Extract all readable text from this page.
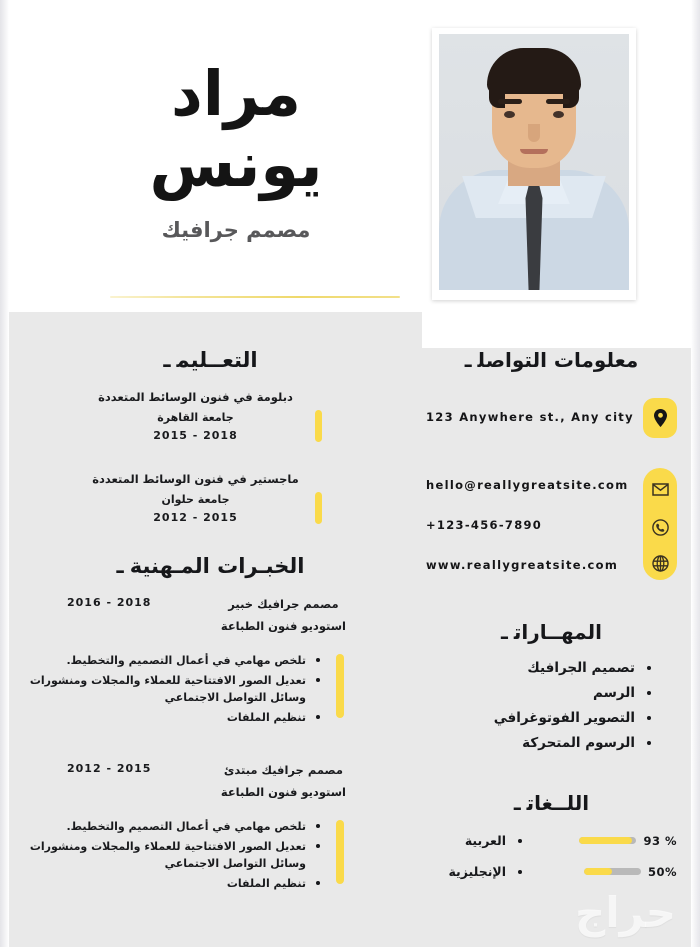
مراد
يونس
مصمم جرافيك
معلومات التواصلـ
123 Anywhere st., Any city
hello@reallygreatsite.com
+123-456-7890
www.reallygreatsite.com
المهــاراتـ
تصميم الجرافيك
الرسم
التصوير الفوتوغرافي
الرسوم المتحركة
اللــغاتـ
93 %
العربية
50%
الإنجليزية
التعــليمـ
دبلومة في فنون الوسائط المتعددة
جامعة القاهرة
2015 - 2018
ماجستير في فنون الوسائط المتعددة
جامعة حلوان
2012 - 2015
الخبـرات المـهنيةـ
مصمم جرافيك خبير
استوديو فنون الطباعة
2016 - 2018
تلخص مهامي في أعمال التصميم والتخطيط.
تعديل الصور الافتتاحية للعملاء والمجلات ومنشورات وسائل التواصل الاجتماعي
تنظيم الملفات
مصمم جرافيك مبتدئ
استوديو فنون الطباعة
2012 - 2015
تلخص مهامي في أعمال التصميم والتخطيط.
تعديل الصور الافتتاحية للعملاء والمجلات ومنشورات وسائل التواصل الاجتماعي
تنظيم الملفات
حراج
